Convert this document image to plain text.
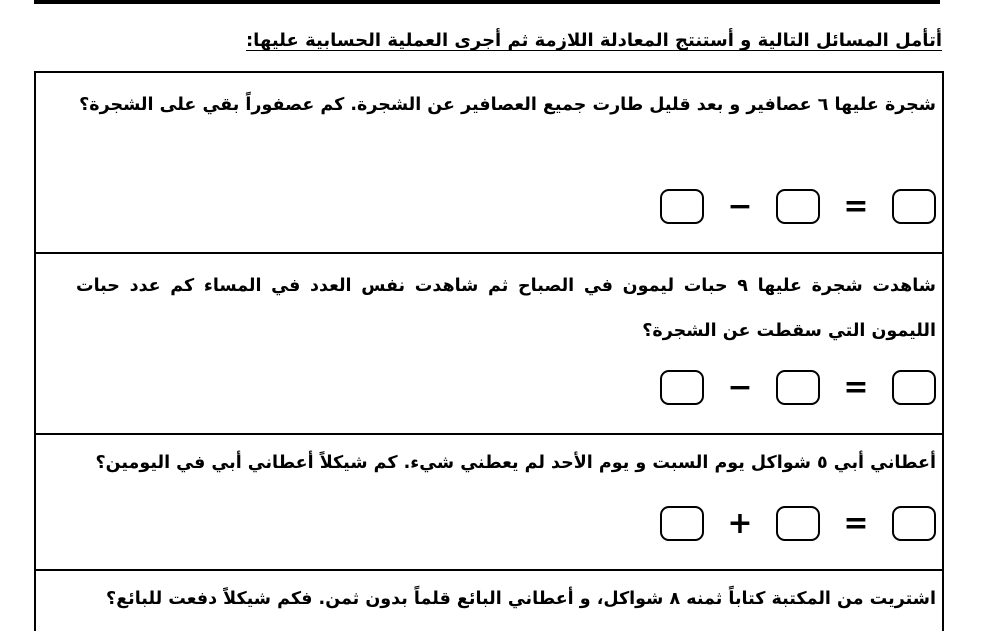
أتأمل المسائل التالية و أستنتج المعادلة اللازمة ثم أجرى العملية الحسابية عليها:
شجرة عليها ٦ عصافير و بعد قليل طارت جميع العصافير عن الشجرة. كم عصفوراً بقي على الشجرة؟
=
−
شاهدت شجرة عليها ٩ حبات ليمون في الصباح ثم شاهدت نفس العدد في المساء كم عدد حبات الليمون التي سقطت عن الشجرة؟
=
−
أعطاني أبي ٥ شواكل يوم السبت و يوم الأحد لم يعطني شيء. كم شيكلاً أعطاني أبي في اليومين؟
=
+
اشتريت من المكتبة كتاباً ثمنه ٨ شواكل، و أعطاني البائع قلماً بدون ثمن. فكم شيكلاً دفعت للبائع؟
